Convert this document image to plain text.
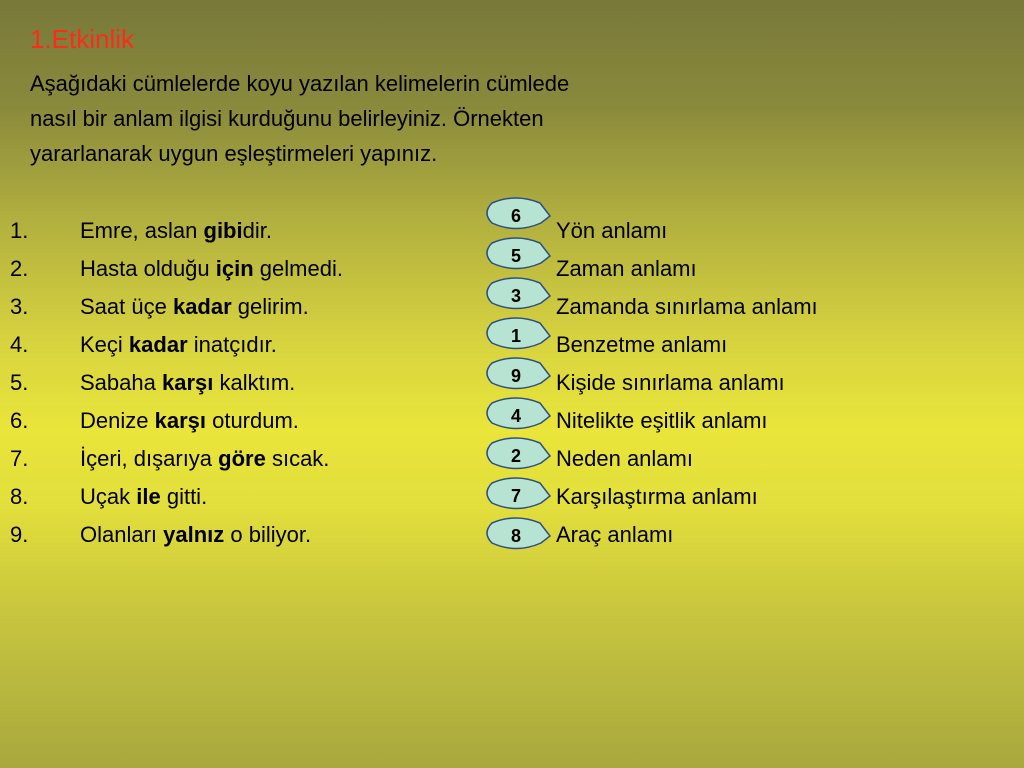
1.Etkinlik
Aşağıdaki cümlelerde koyu yazılan kelimelerin cümlede
nasıl bir anlam ilgisi kurduğunu belirleyiniz. Örnekten
yararlanarak uygun eşleştirmeleri yapınız.
1. Emre, aslan gibidir.
2. Hasta olduğu için gelmedi.
3. Saat üçe kadar gelirim.
4. Keçi kadar inatçıdır.
5. Sabaha karşı kalktım.
6. Denize karşı oturdum.
7. İçeri, dışarıya göre sıcak.
8. Uçak ile gitti.
9. Olanları yalnız o biliyor.
6
5
3
1
9
4
2
7
8
Yön anlamı
Zaman anlamı
Zamanda sınırlama anlamı
Benzetme anlamı
Kişide sınırlama anlamı
Nitelikte eşitlik anlamı
Neden anlamı
Karşılaştırma anlamı
Araç anlamı
